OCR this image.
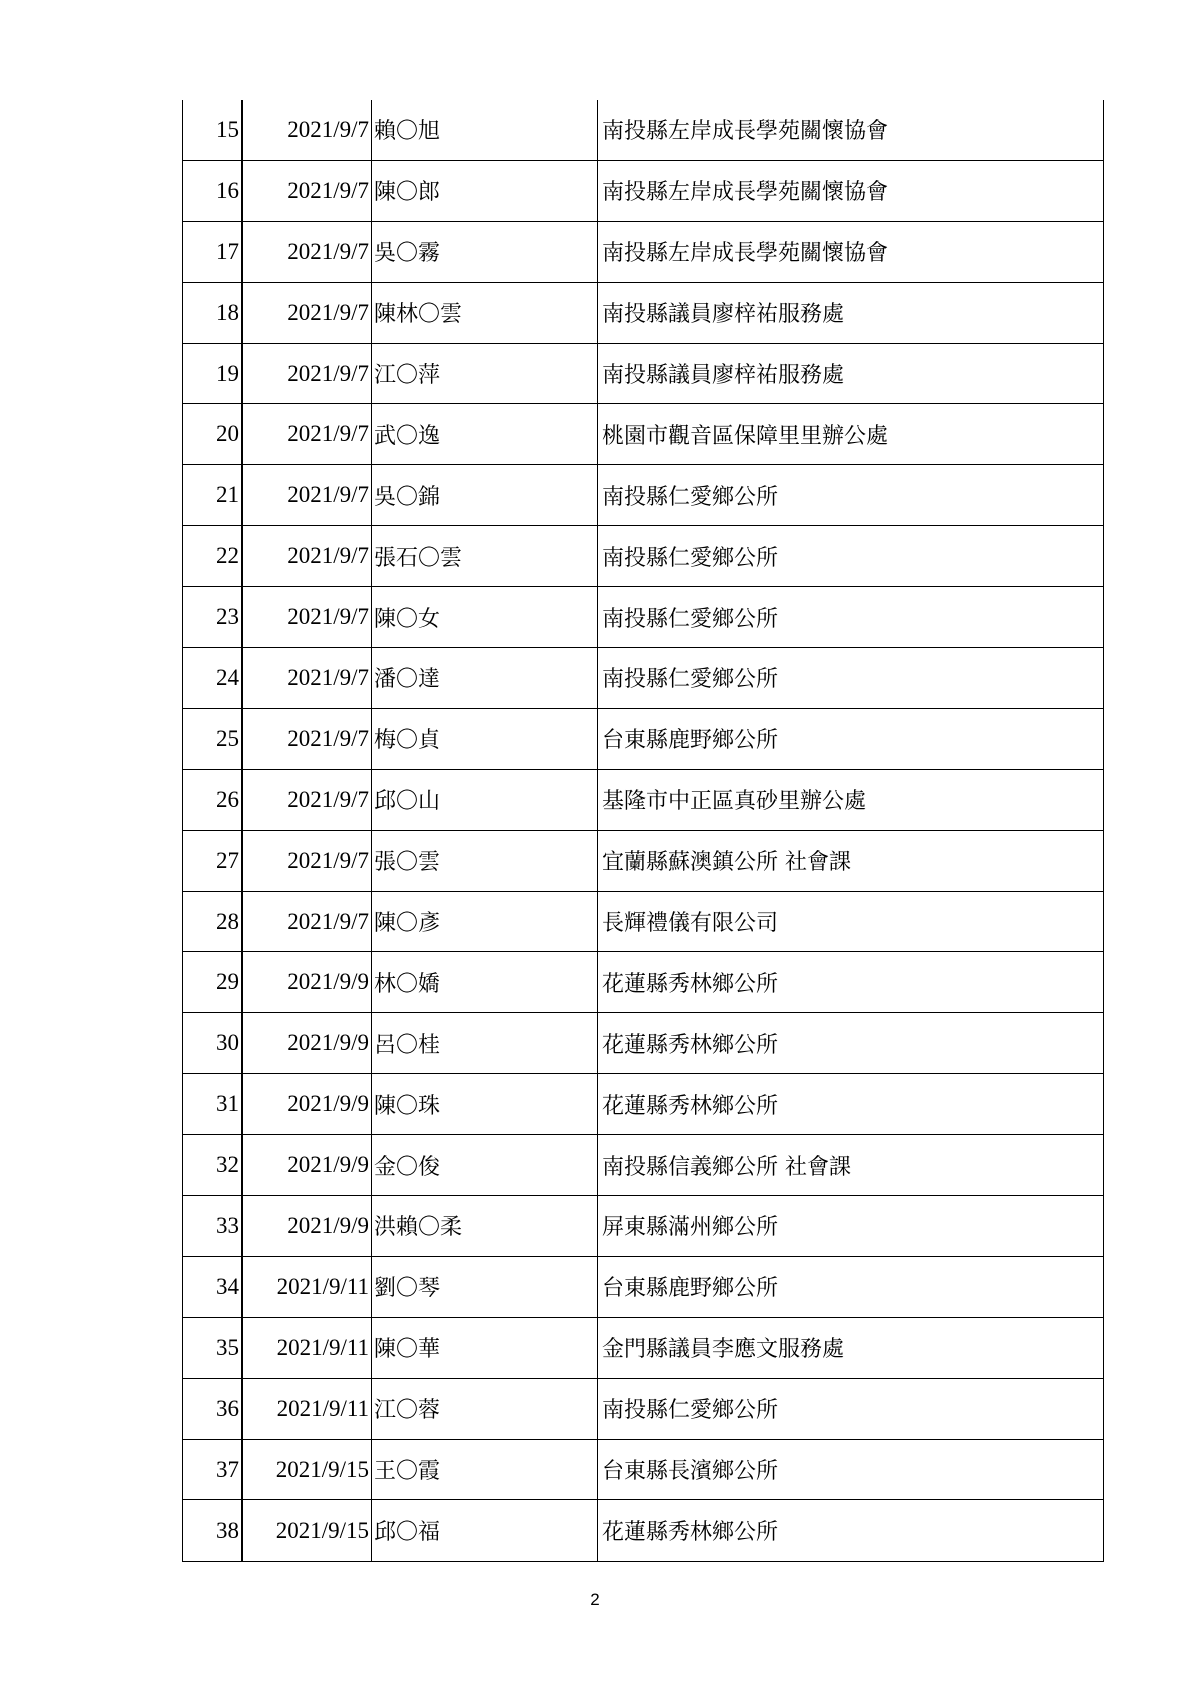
15	2021/9/7 賴〇旭	南投縣左岸成長學苑關懷協會
16	2021/9/7 陳〇郎	南投縣左岸成長學苑關懷協會
17	2021/9/7 吳〇霧	南投縣左岸成長學苑關懷協會
18	2021/9/7 陳林〇雲	南投縣議員廖梓祐服務處
19	2021/9/7 江〇萍	南投縣議員廖梓祐服務處
20	2021/9/7 武〇逸	桃園市觀音區保障里里辦公處
21	2021/9/7 吳〇錦	南投縣仁愛鄉公所
22	2021/9/7 張石〇雲	南投縣仁愛鄉公所
23	2021/9/7 陳〇女	南投縣仁愛鄉公所
24	2021/9/7 潘〇達	南投縣仁愛鄉公所
25	2021/9/7 梅〇貞	台東縣鹿野鄉公所
26	2021/9/7 邱〇山	基隆市中正區真砂里辦公處
27	2021/9/7 張〇雲	宜蘭縣蘇澳鎮公所 社會課
28	2021/9/7 陳〇彥	長輝禮儀有限公司
29	2021/9/9 林〇嬌	花蓮縣秀林鄉公所
30	2021/9/9 呂〇桂	花蓮縣秀林鄉公所
31	2021/9/9 陳〇珠	花蓮縣秀林鄉公所
32	2021/9/9 金〇俊	南投縣信義鄉公所 社會課
33	2021/9/9 洪賴〇柔	屏東縣滿州鄉公所
34	2021/9/11 劉〇琴	台東縣鹿野鄉公所
35	2021/9/11 陳〇華	金門縣議員李應文服務處
36	2021/9/11 江〇蓉	南投縣仁愛鄉公所
37	2021/9/15 王〇霞	台東縣長濱鄉公所
38	2021/9/15 邱〇福	花蓮縣秀林鄉公所
2
